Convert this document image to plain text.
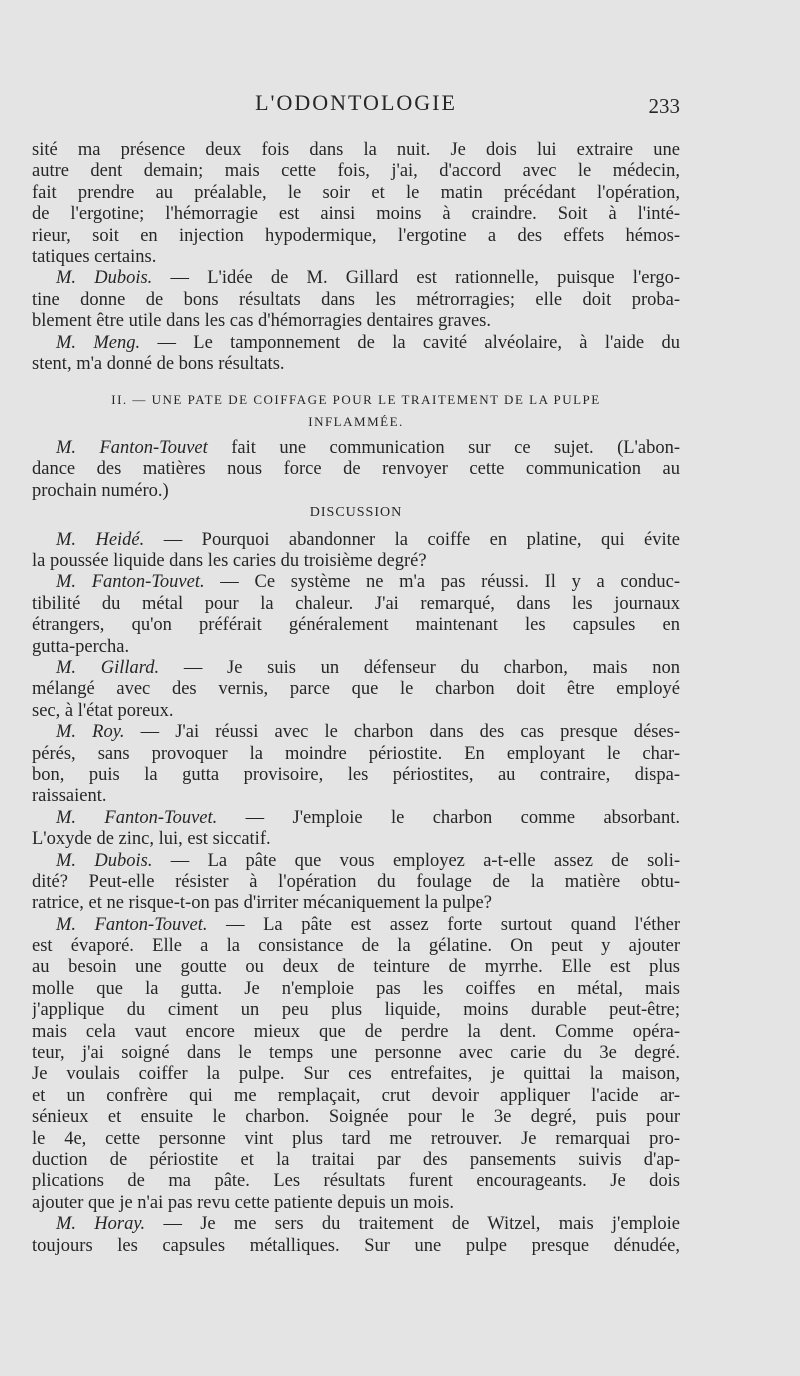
L'ODONTOLOGIE	233
sité ma présence deux fois dans la nuit. Je dois lui extraire une
autre dent demain; mais cette fois, j'ai, d'accord avec le médecin,
fait prendre au préalable, le soir et le matin précédant l'opération,
de l'ergotine; l'hémorragie est ainsi moins à craindre. Soit à l'inté-
rieur, soit en injection hypodermique, l'ergotine a des effets hémos-
tatiques certains.
M. Dubois. — L'idée de M. Gillard est rationnelle, puisque l'ergo-
tine donne de bons résultats dans les métrorragies; elle doit proba-
blement être utile dans les cas d'hémorragies dentaires graves.
M. Meng. — Le tamponnement de la cavité alvéolaire, à l'aide du
stent, m'a donné de bons résultats.
II. — UNE PATE DE COIFFAGE POUR LE TRAITEMENT DE LA PULPE
INFLAMMÉE.
M. Fanton-Touvet fait une communication sur ce sujet. (L'abon-
dance des matières nous force de renvoyer cette communication au
prochain numéro.)
DISCUSSION
M. Heidé. — Pourquoi abandonner la coiffe en platine, qui évite
la poussée liquide dans les caries du troisième degré?
M. Fanton-Touvet. — Ce système ne m'a pas réussi. Il y a conduc-
tibilité du métal pour la chaleur. J'ai remarqué, dans les journaux
étrangers, qu'on préférait généralement maintenant les capsules en
gutta-percha.
M. Gillard. — Je suis un défenseur du charbon, mais non
mélangé avec des vernis, parce que le charbon doit être employé
sec, à l'état poreux.
M. Roy. — J'ai réussi avec le charbon dans des cas presque déses-
pérés, sans provoquer la moindre périostite. En employant le char-
bon, puis la gutta provisoire, les périostites, au contraire, dispa-
raissaient.
M. Fanton-Touvet. — J'emploie le charbon comme absorbant.
L'oxyde de zinc, lui, est siccatif.
M. Dubois. — La pâte que vous employez a-t-elle assez de soli-
dité? Peut-elle résister à l'opération du foulage de la matière obtu-
ratrice, et ne risque-t-on pas d'irriter mécaniquement la pulpe?
M. Fanton-Touvet. — La pâte est assez forte surtout quand l'éther
est évaporé. Elle a la consistance de la gélatine. On peut y ajouter
au besoin une goutte ou deux de teinture de myrrhe. Elle est plus
molle que la gutta. Je n'emploie pas les coiffes en métal, mais
j'applique du ciment un peu plus liquide, moins durable peut-être;
mais cela vaut encore mieux que de perdre la dent. Comme opéra-
teur, j'ai soigné dans le temps une personne avec carie du 3e degré.
Je voulais coiffer la pulpe. Sur ces entrefaites, je quittai la maison,
et un confrère qui me remplaçait, crut devoir appliquer l'acide ar-
sénieux et ensuite le charbon. Soignée pour le 3e degré, puis pour
le 4e, cette personne vint plus tard me retrouver. Je remarquai pro-
duction de périostite et la traitai par des pansements suivis d'ap-
plications de ma pâte. Les résultats furent encourageants. Je dois
ajouter que je n'ai pas revu cette patiente depuis un mois.
M. Horay. — Je me sers du traitement de Witzel, mais j'emploie
toujours les capsules métalliques. Sur une pulpe presque dénudée,
